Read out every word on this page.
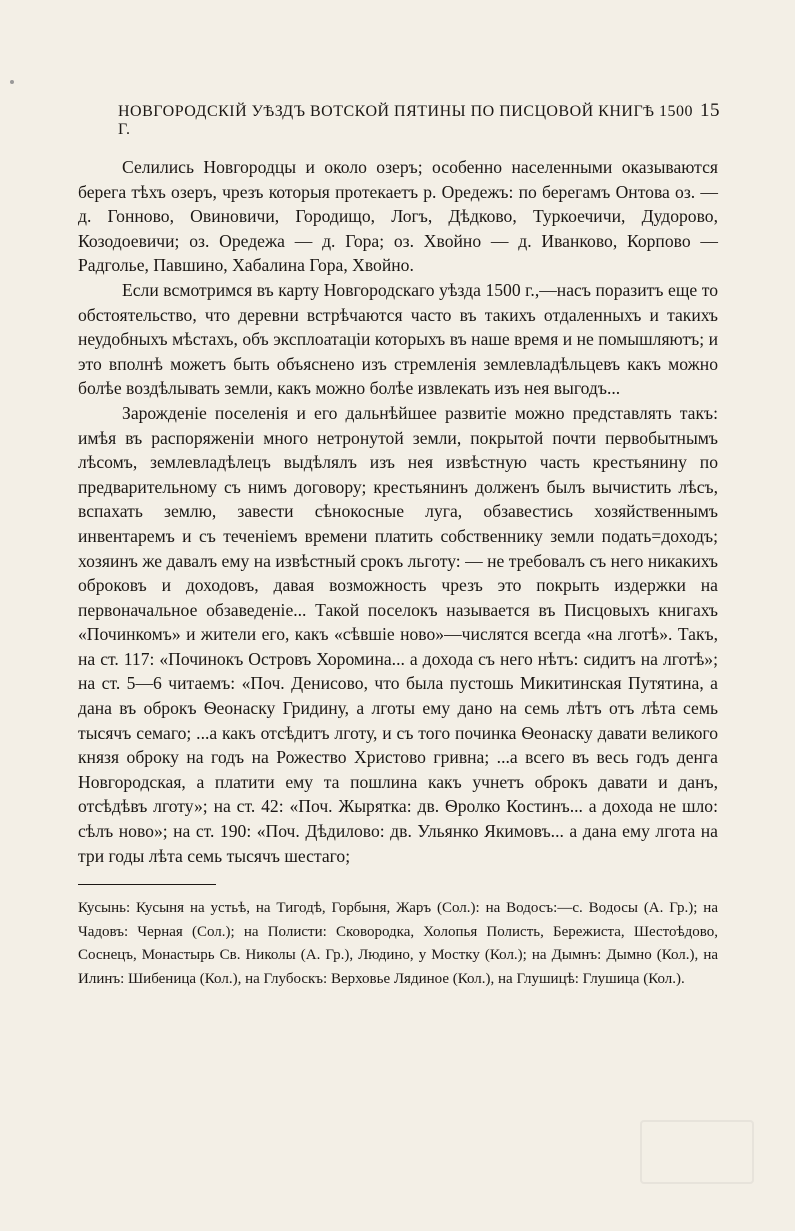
НОВГОРОДСКІЙ УѢЗДЪ ВОТСКОЙ ПЯТИНЫ ПО ПИСЦОВОЙ КНИГѢ 1500 Г.
15

Селились Новгородцы и около озеръ; особенно населенными оказываются берега тѣхъ озеръ, чрезъ которыя протекаетъ р. Оредежъ: по берегамъ Онтова оз. — д. Гонново, Овиновичи, Городищо, Логъ, Дѣдково, Туркоечичи, Дудорово, Козодоевичи; оз. Оредежа — д. Гора; оз. Хвойно — д. Иванково, Корпово — Радголье, Павшино, Хабалина Гора, Хвойно.

Если всмотримся въ карту Новгородскаго уѣзда 1500 г.,—насъ поразитъ еще то обстоятельство, что деревни встрѣчаются часто въ такихъ отдаленныхъ и такихъ неудобныхъ мѣстахъ, объ эксплоатаціи которыхъ въ наше время и не помышляютъ; и это вполнѣ можетъ быть объяснено изъ стремленія землевладѣльцевъ какъ можно болѣе воздѣлывать земли, какъ можно болѣе извлекать изъ нея выгодъ...

Зарожденіе поселенія и его дальнѣйшее развитіе можно представлять такъ: имѣя въ распоряженіи много нетронутой земли, покрытой почти первобытнымъ лѣсомъ, землевладѣлецъ выдѣлялъ изъ нея извѣстную часть крестьянину по предварительному съ нимъ договору; крестьянинъ долженъ былъ вычистить лѣсъ, вспахать землю, завести сѣнокосные луга, обзавестись хозяйственнымъ инвентаремъ и съ теченіемъ времени платить собственнику земли подать=доходъ; хозяинъ же давалъ ему на извѣстный срокъ льготу: — не требовалъ съ него никакихъ оброковъ и доходовъ, давая возможность чрезъ это покрыть издержки на первоначальное обзаведеніе... Такой поселокъ называется въ Писцовыхъ книгахъ «Починкомъ» и жители его, какъ «сѣвшіе ново»—числятся всегда «на лготѣ». Такъ, на ст. 117: «Починокъ Островъ Хоромина... а дохода съ него нѣтъ: сидитъ на лготѣ»; на ст. 5—6 читаемъ: «Поч. Денисово, что была пустошь Микитинская Путятина, а дана въ оброкъ Ѳеонаску Гридину, а лготы ему дано на семь лѣтъ отъ лѣта семь тысячъ семаго; ...а какъ отсѣдитъ лготу, и съ того починка Ѳеонаску давати великого князя оброку на годъ на Рожество Христово гривна; ...а всего въ весь годъ денга Новгородская, а платити ему та пошлина какъ учнетъ оброкъ давати и данъ, отсѣдѣвъ лготу»; на ст. 42: «Поч. Жырятка: дв. Ѳролко Костинъ... а дохода не шло: сѣлъ ново»; на ст. 190: «Поч. Дѣдилово: дв. Ульянко Якимовъ... а дана ему лгота на три годы лѣта семь тысячъ шестаго;

Кусынь: Кусыня на устьѣ, на Тигодѣ, Горбыня, Жаръ (Сол.): на Водосъ:—с. Водосы (А. Гр.); на Чадовъ: Черная (Сол.); на Полисти: Сковородка, Холопья Полисть, Бережиста, Шестоѣдово, Соснецъ, Монастырь Св. Николы (А. Гр.), Людино, у Мостку (Кол.); на Дымнъ: Дымно (Кол.), на Илинъ: Шибеница (Кол.), на Глубоскъ: Верховье Лядиное (Кол.), на Глушицѣ: Глушица (Кол.).
